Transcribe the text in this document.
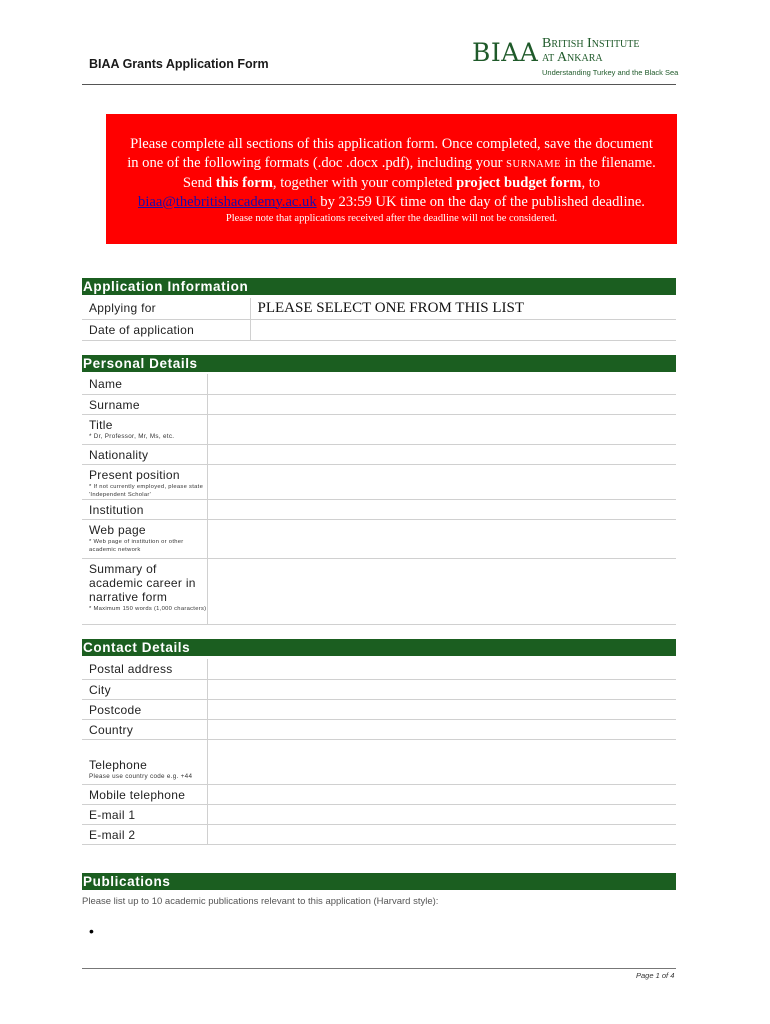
BIAA Grants Application Form	BIAA British Institute
at Ankara
Understanding Turkey and the Black Sea
Please complete all sections of this application form. Once completed, save the document
in one of the following formats (.doc .docx .pdf), including your SURNAME in the filename.
Send this form, together with your completed project budget form, to
biaa@thebritishacademy.ac.uk by 23:59 UK time on the day of the published deadline.
Please note that applications received after the deadline will not be considered.
Application Information
Applying for	PLEASE SELECT ONE FROM THIS LIST

Date of application	
Personal Details
Name	
Surname	
Title
* Dr, Professor, Mr, Ms, etc.	

Nationality	
Present position
* If not currently employed, please state 'Independent Scholar'	

Institution	
Web page
* Web page of institution or other academic network	

Summary of academic career in narrative form
* Maximum 150 words (1,000 characters)	

Contact Details
Postal address	
City	
Postcode	
Country	
Telephone
Please use country code e.g. +44	

Mobile telephone	
E-mail 1	
E-mail 2	
Publications
Please list up to 10 academic publications relevant to this application (Harvard style):
•
Page 1 of 4
